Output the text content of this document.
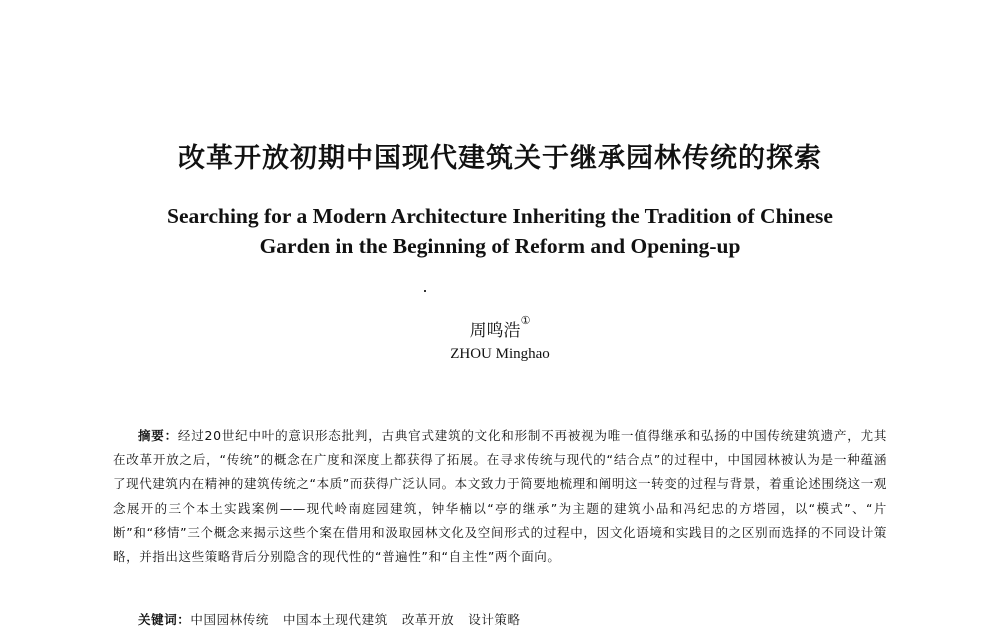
改革开放初期中国现代建筑关于继承园林传统的探索
Searching for a Modern Architecture Inheriting the Tradition of Chinese
Garden in the Beginning of Reform and Opening-up
周鸣浩①
ZHOU Minghao

摘要：经过20世纪中叶的意识形态批判，古典官式建筑的文化和形制不再被视为唯一值得继承和弘扬的中国传统建筑遗产，尤其在改革开放之后，“传统”的概念在广度和深度上都获得了拓展。在寻求传统与现代的“结合点”的过程中，中国园林被认为是一种蕴涵了现代建筑内在精神的建筑传统之“本质”而获得广泛认同。本文致力于简要地梳理和阐明这一转变的过程与背景，着重论述围绕这一观念展开的三个本土实践案例——现代岭南庭园建筑，钟华楠以“亭的继承”为主题的建筑小品和冯纪忠的方塔园，以“模式”、“片断”和“移情”三个概念来揭示这些个案在借用和汲取园林文化及空间形式的过程中，因文化语境和实践目的之区别而选择的不同设计策略，并指出这些策略背后分别隐含的现代性的“普遍性”和“自主性”两个面向。

关键词：中国园林传统 中国本土现代建筑 改革开放 设计策略
